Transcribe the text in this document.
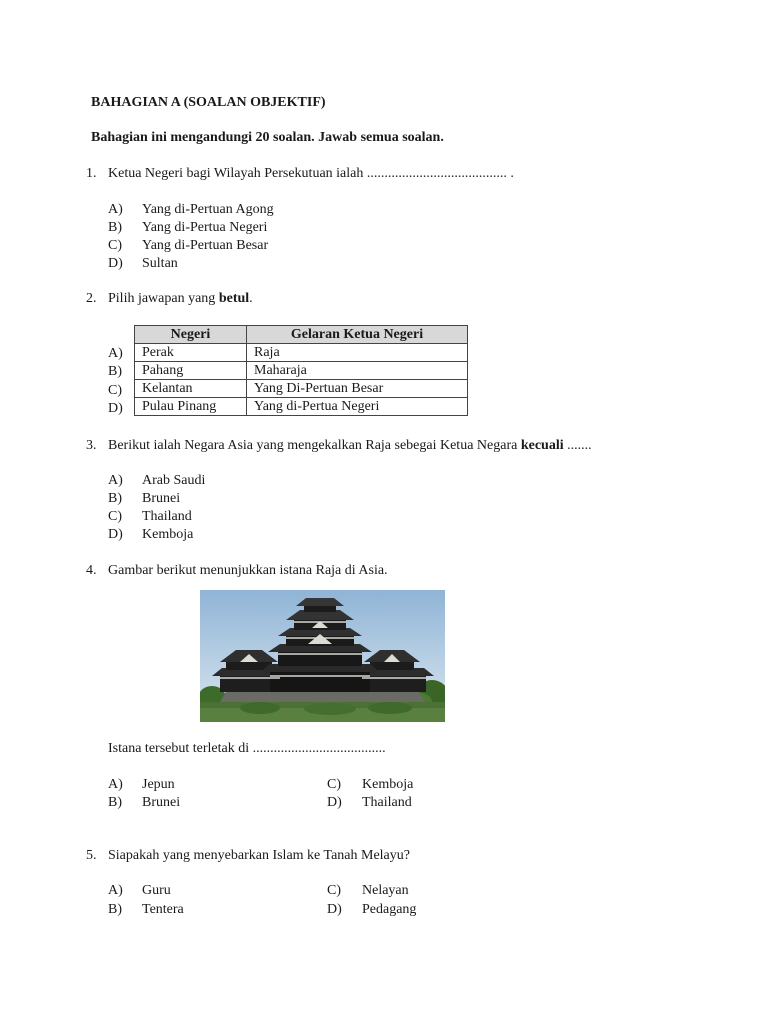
BAHAGIAN A (SOALAN OBJEKTIF)
Bahagian ini mengandungi 20 soalan. Jawab semua soalan.
1. Ketua Negeri bagi Wilayah Persekutuan ialah ........................................ .
A) Yang di-Pertuan Agong
B) Yang di-Pertua Negeri
C) Yang di-Pertuan Besar
D) Sultan
2. Pilih jawapan yang betul.
A)
B)
C)
D)
Negeri	Gelaran Ketua Negeri
Perak	Raja
Pahang	Maharaja
Kelantan	Yang Di-Pertuan Besar
Pulau Pinang	Yang di-Pertua Negeri
3. Berikut ialah Negara Asia yang mengekalkan Raja sebegai Ketua Negara kecuali .......
A) Arab Saudi
B) Brunei
C) Thailand
D) Kemboja
4. Gambar berikut menunjukkan istana Raja di Asia.
Istana tersebut terletak di ......................................
A) Jepun
B) Brunei
C) Kemboja
D) Thailand
5. Siapakah yang menyebarkan Islam ke Tanah Melayu?
A) Guru
B) Tentera
C) Nelayan
D) Pedagang
